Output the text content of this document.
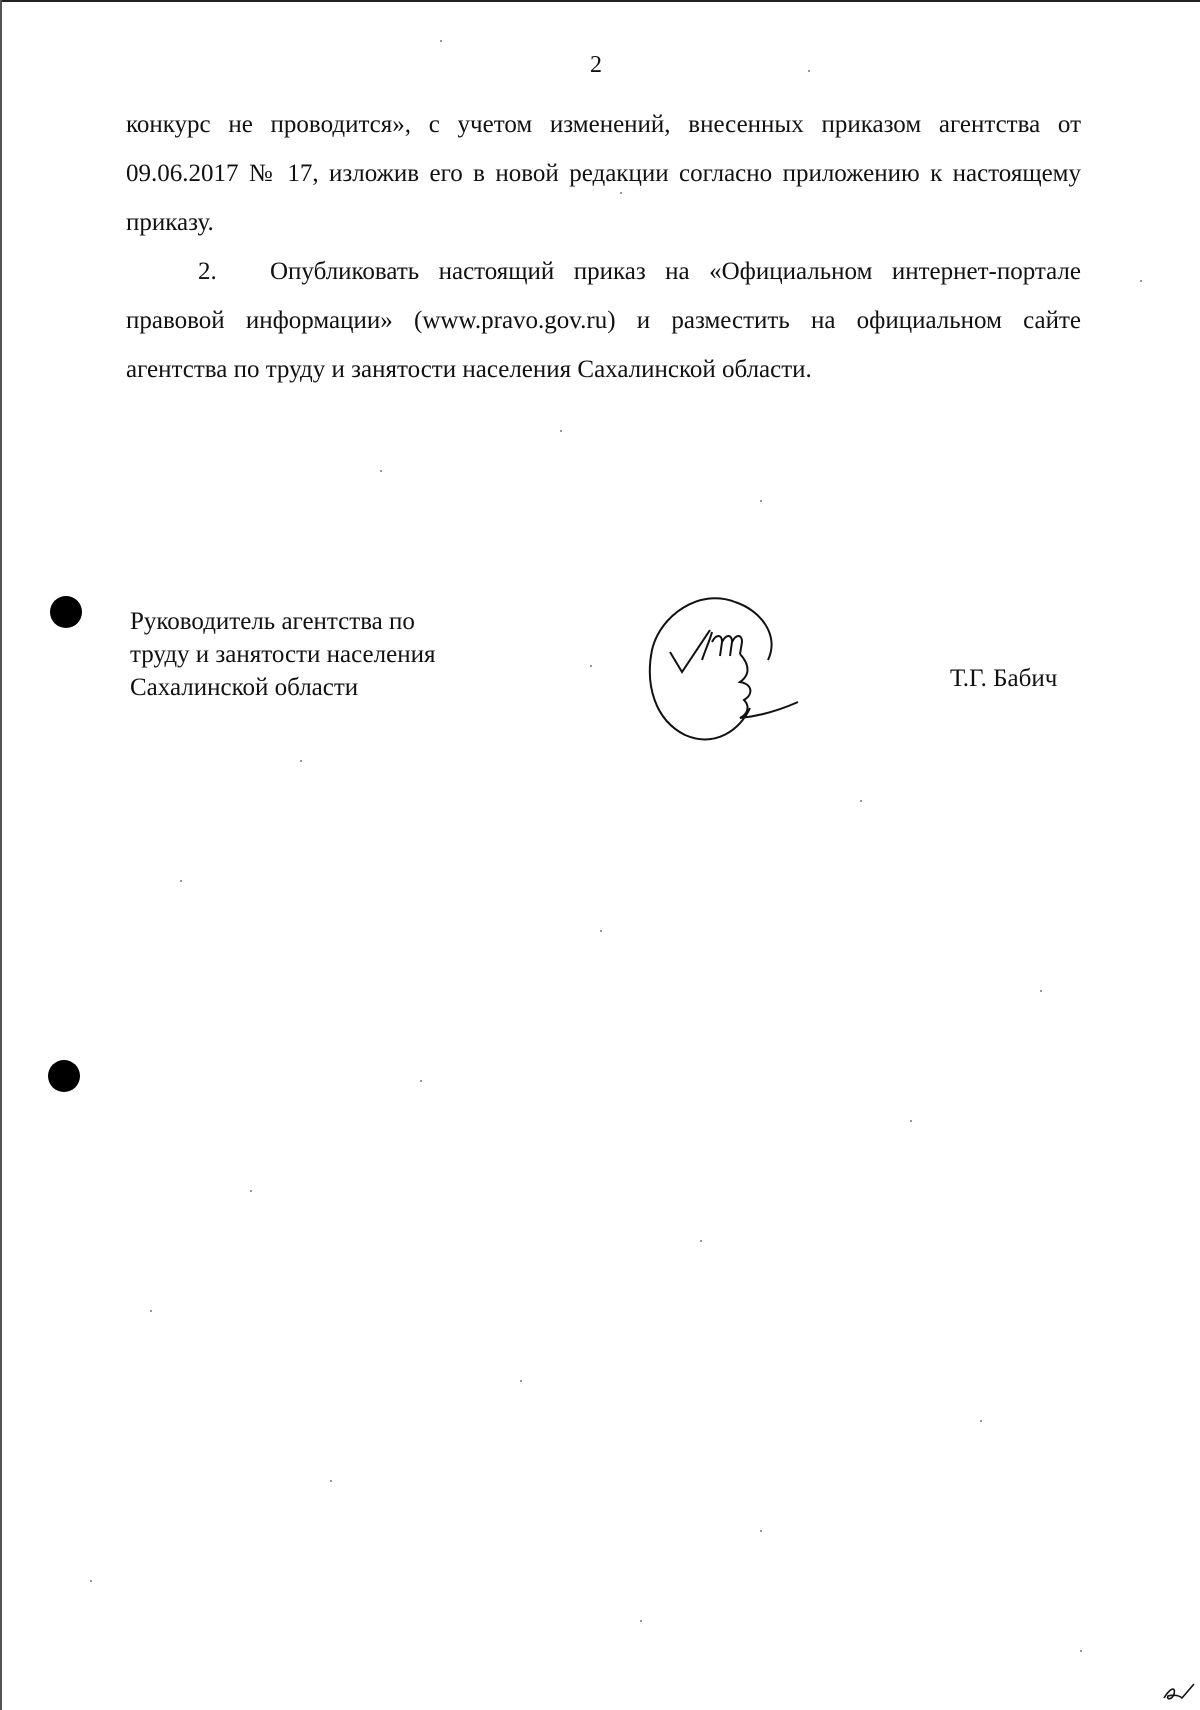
2

конкурс не проводится», с учетом изменений, внесенных приказом агентства от 09.06.2017 № 17, изложив его в новой редакции согласно приложению к настоящему приказу.

2. Опубликовать настоящий приказ на «Официальном интернет-портале правовой информации» (www.pravo.gov.ru) и разместить на официальном сайте агентства по труду и занятости населения Сахалинской области.

Руководитель агентства по
труду и занятости населения
Сахалинской области	Т.Г. Бабич
